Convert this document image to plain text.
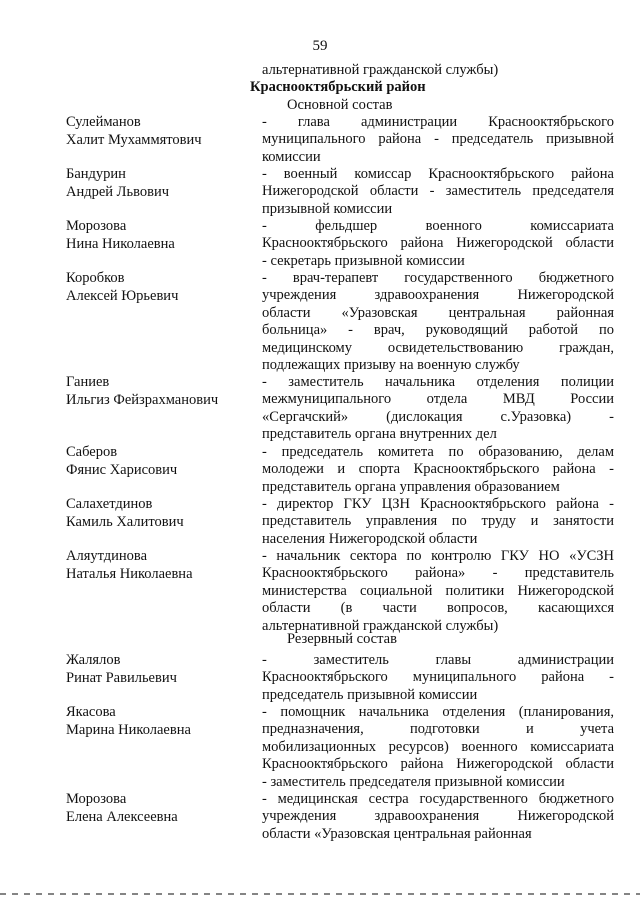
59
альтернативной гражданской службы)
Краснооктябрьский район
Основной состав
Сулейманов
Халит Мухаммятович
- глава администрации Краснооктябрьского
муниципального района - председатель призывной
комиссии
Бандурин
Андрей Львович
- военный комиссар Краснооктябрьского района
Нижегородской области - заместитель председателя
призывной комиссии
Морозова
Нина Николаевна
- фельдшер военного комиссариата
Краснооктябрьского района Нижегородской области
- секретарь призывной комиссии
Коробков
Алексей Юрьевич
- врач-терапевт государственного бюджетного
учреждения здравоохранения Нижегородской
области «Уразовская центральная районная
больница» - врач, руководящий работой по
медицинскому освидетельствованию граждан,
подлежащих призыву на военную службу
Ганиев
Ильгиз Фейзрахманович
- заместитель начальника отделения полиции
межмуниципального отдела МВД России
«Сергачский» (дислокация с.Уразовка) -
представитель органа внутренних дел
Саберов
Фянис Харисович
- председатель комитета по образованию, делам
молодежи и спорта Краснооктябрьского района -
представитель органа управления образованием
Салахетдинов
Камиль Халитович
- директор ГКУ ЦЗН Краснооктябрьского района -
представитель управления по труду и занятости
населения Нижегородской области
Аляутдинова
Наталья Николаевна
- начальник сектора по контролю ГКУ НО «УСЗН
Краснооктябрьского района» - представитель
министерства социальной политики Нижегородской
области (в части вопросов, касающихся
альтернативной гражданской службы)
Резервный состав
Жалялов
Ринат Равильевич
- заместитель главы администрации
Краснооктябрьского муниципального района -
председатель призывной комиссии
Якасова
Марина Николаевна
- помощник начальника отделения (планирования,
предназначения, подготовки и учета
мобилизационных ресурсов) военного комиссариата
Краснооктябрьского района Нижегородской области
- заместитель председателя призывной комиссии
Морозова
Елена Алексеевна
- медицинская сестра государственного бюджетного
учреждения здравоохранения Нижегородской
области «Уразовская центральная районная
